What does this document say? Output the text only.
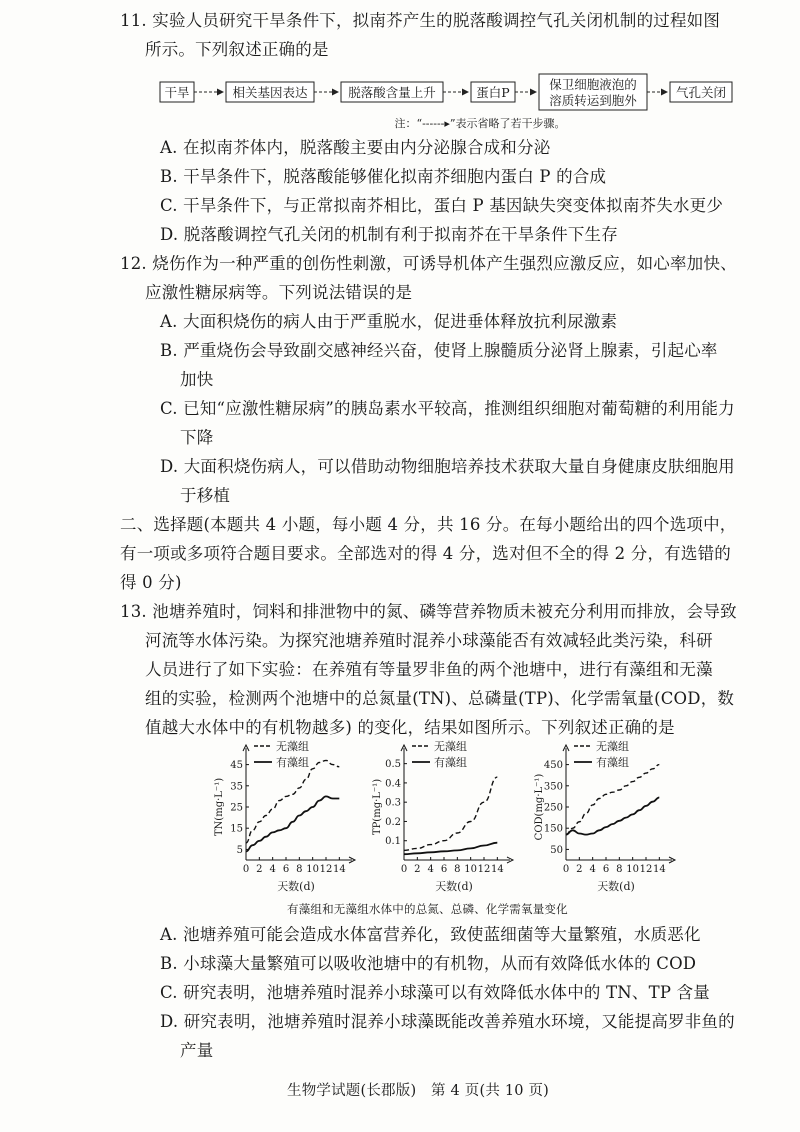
11. 实验人员研究干旱条件下，拟南芥产生的脱落酸调控气孔关闭机制的过程如图
所示。下列叙述正确的是
干旱	相关基因表达	脱落酸含量上升	蛋白P
保卫细胞液泡的
溶质转运到胞外
气孔关闭
注：“------▸”表示省略了若干步骤。
A. 在拟南芥体内，脱落酸主要由内分泌腺合成和分泌
B. 干旱条件下，脱落酸能够催化拟南芥细胞内蛋白 P 的合成
C. 干旱条件下，与正常拟南芥相比，蛋白 P 基因缺失突变体拟南芥失水更少
D. 脱落酸调控气孔关闭的机制有利于拟南芥在干旱条件下生存
12. 烧伤作为一种严重的创伤性刺激，可诱导机体产生强烈应激反应，如心率加快、
应激性糖尿病等。下列说法错误的是
A. 大面积烧伤的病人由于严重脱水，促进垂体释放抗利尿激素
B. 严重烧伤会导致副交感神经兴奋，使肾上腺髓质分泌肾上腺素，引起心率
加快
C. 已知“应激性糖尿病”的胰岛素水平较高，推测组织细胞对葡萄糖的利用能力
下降
D. 大面积烧伤病人，可以借助动物细胞培养技术获取大量自身健康皮肤细胞用
于移植
二、选择题(本题共 4 小题，每小题 4 分，共 16 分。在每小题给出的四个选项中，
有一项或多项符合题目要求。全部选对的得 4 分，选对但不全的得 2 分，有选错的
得 0 分)
13. 池塘养殖时，饲料和排泄物中的氮、磷等营养物质未被充分利用而排放，会导致
河流等水体污染。为探究池塘养殖时混养小球藻能否有效减轻此类污染，科研
人员进行了如下实验：在养殖有等量罗非鱼的两个池塘中，进行有藻组和无藻
组的实验，检测两个池塘中的总氮量(TN)、总磷量(TP)、化学需氧量(COD，数
值越大水体中的有机物越多) 的变化，结果如图所示。下列叙述正确的是
5
15
25
35
45
0 2 4 6 8 10 12 14
TN(mg·L⁻¹)
天数(d)
无藻组
有藻组
0.1
0.2
0.3
0.4
0.5
0 2 4 6 8 10 12 14
TP(mg·L⁻¹)
天数(d)
无藻组
有藻组
50
150
250
350
450
0 2 4 6 8 10 12 14
COD(mg·L⁻¹)
天数(d)
无藻组
有藻组
有藻组和无藻组水体中的总氮、总磷、化学需氧量变化
A. 池塘养殖可能会造成水体富营养化，致使蓝细菌等大量繁殖，水质恶化
B. 小球藻大量繁殖可以吸收池塘中的有机物，从而有效降低水体的 COD
C. 研究表明，池塘养殖时混养小球藻可以有效降低水体中的 TN、TP 含量
D. 研究表明，池塘养殖时混养小球藻既能改善养殖水环境，又能提高罗非鱼的
产量
生物学试题(长郡版)　第 4 页(共 10 页)
